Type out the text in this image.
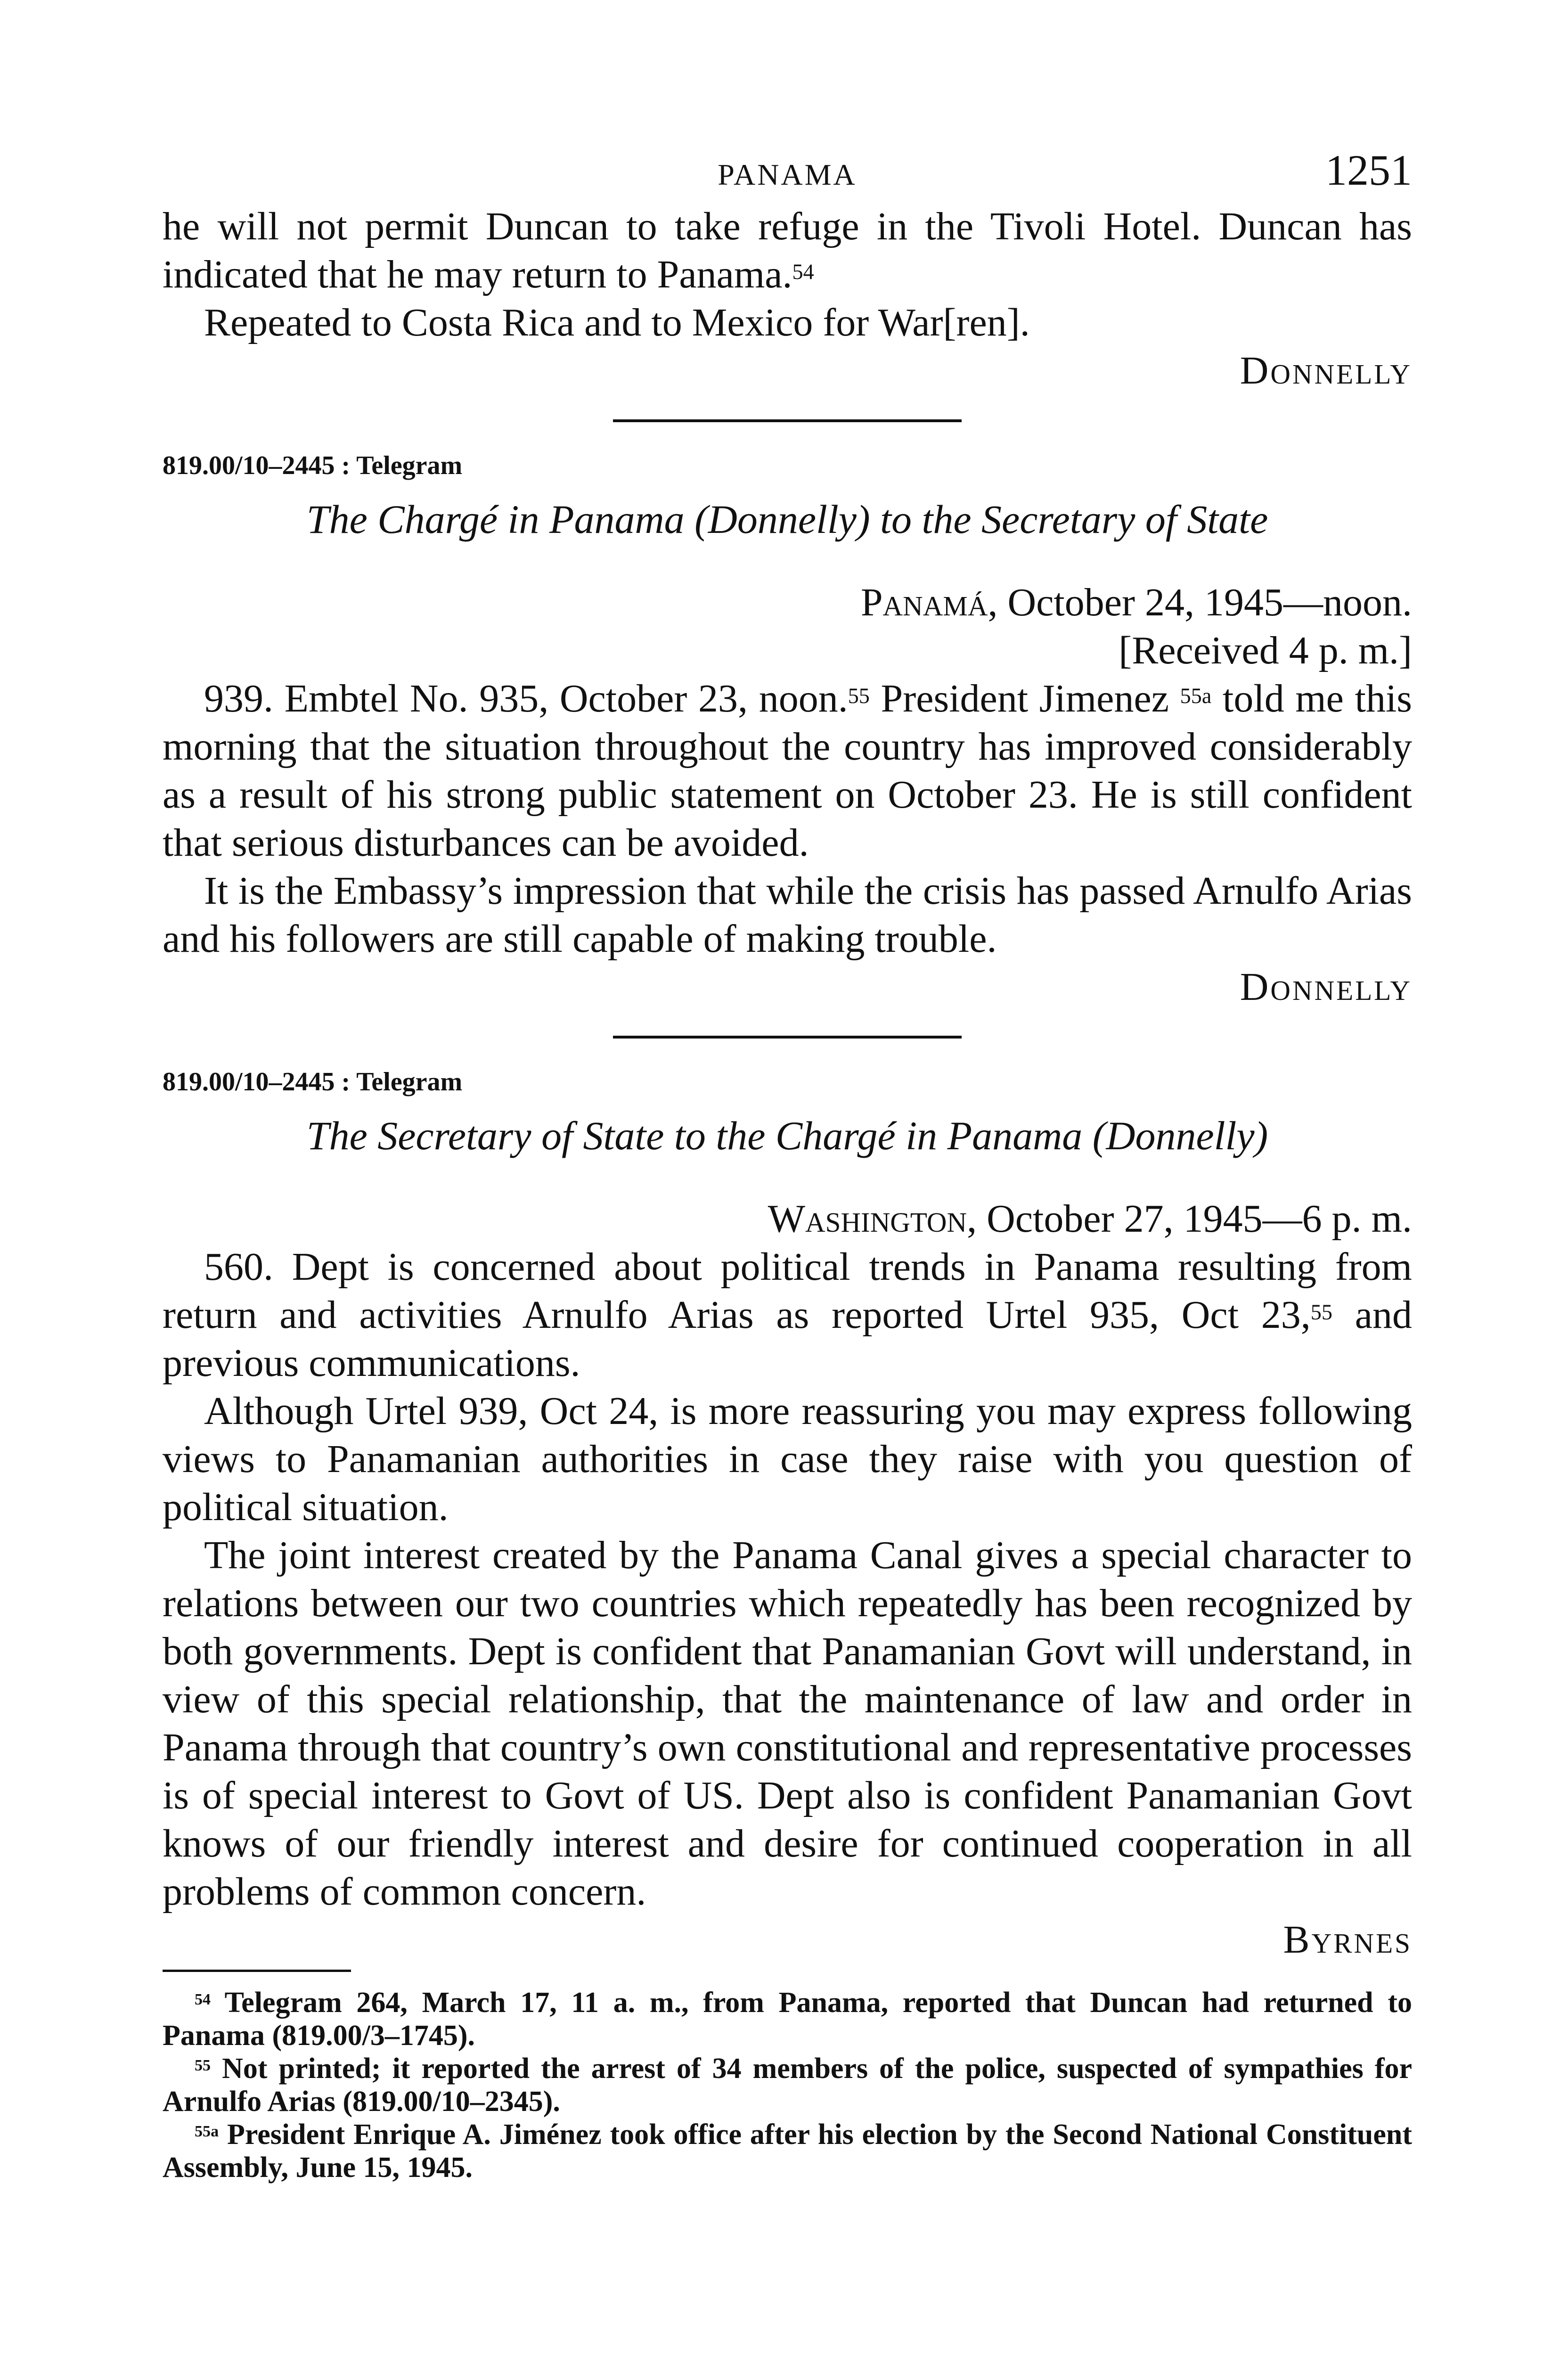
PANAMA	1251

he will not permit Duncan to take refuge in the Tivoli Hotel. Duncan has indicated that he may return to Panama.$^{54}$

Repeated to Costa Rica and to Mexico for War[ren].

Donnelly

819.00/10–2445 : Telegram
The Chargé in Panama (Donnelly) to the Secretary of State

Panamá, October 24, 1945—noon.

[Received 4 p. m.]

939. Embtel No. 935, October 23, noon.$^{55}$ President Jimenez $^{55a}$ told me this morning that the situation throughout the country has improved considerably as a result of his strong public statement on October 23. He is still confident that serious disturbances can be avoided.

It is the Embassy’s impression that while the crisis has passed Arnulfo Arias and his followers are still capable of making trouble.

Donnelly

819.00/10–2445 : Telegram
The Secretary of State to the Chargé in Panama (Donnelly)

Washington, October 27, 1945—6 p. m.

560. Dept is concerned about political trends in Panama resulting from return and activities Arnulfo Arias as reported Urtel 935, Oct 23,55 and previous communications.

Although Urtel 939, Oct 24, is more reassuring you may express following views to Panamanian authorities in case they raise with you question of political situation.

The joint interest created by the Panama Canal gives a special character to relations between our two countries which repeatedly has been recognized by both governments. Dept is confident that Panamanian Govt will understand, in view of this special relationship, that the maintenance of law and order in Panama through that country’s own constitutional and representative processes is of special interest to Govt of US. Dept also is confident Panamanian Govt knows of our friendly interest and desire for continued cooperation in all problems of common concern.

Byrnes

$^{54}$ Telegram 264, March 17, 11 a. m., from Panama, reported that Duncan had returned to Panama (819.00/3–1745).

$^{55}$ Not printed; it reported the arrest of 34 members of the police, suspected of sympathies for Arnulfo Arias (819.00/10–2345).

$^{55a}$ President Enrique A. Jiménez took office after his election by the Second National Constituent Assembly, June 15, 1945.
